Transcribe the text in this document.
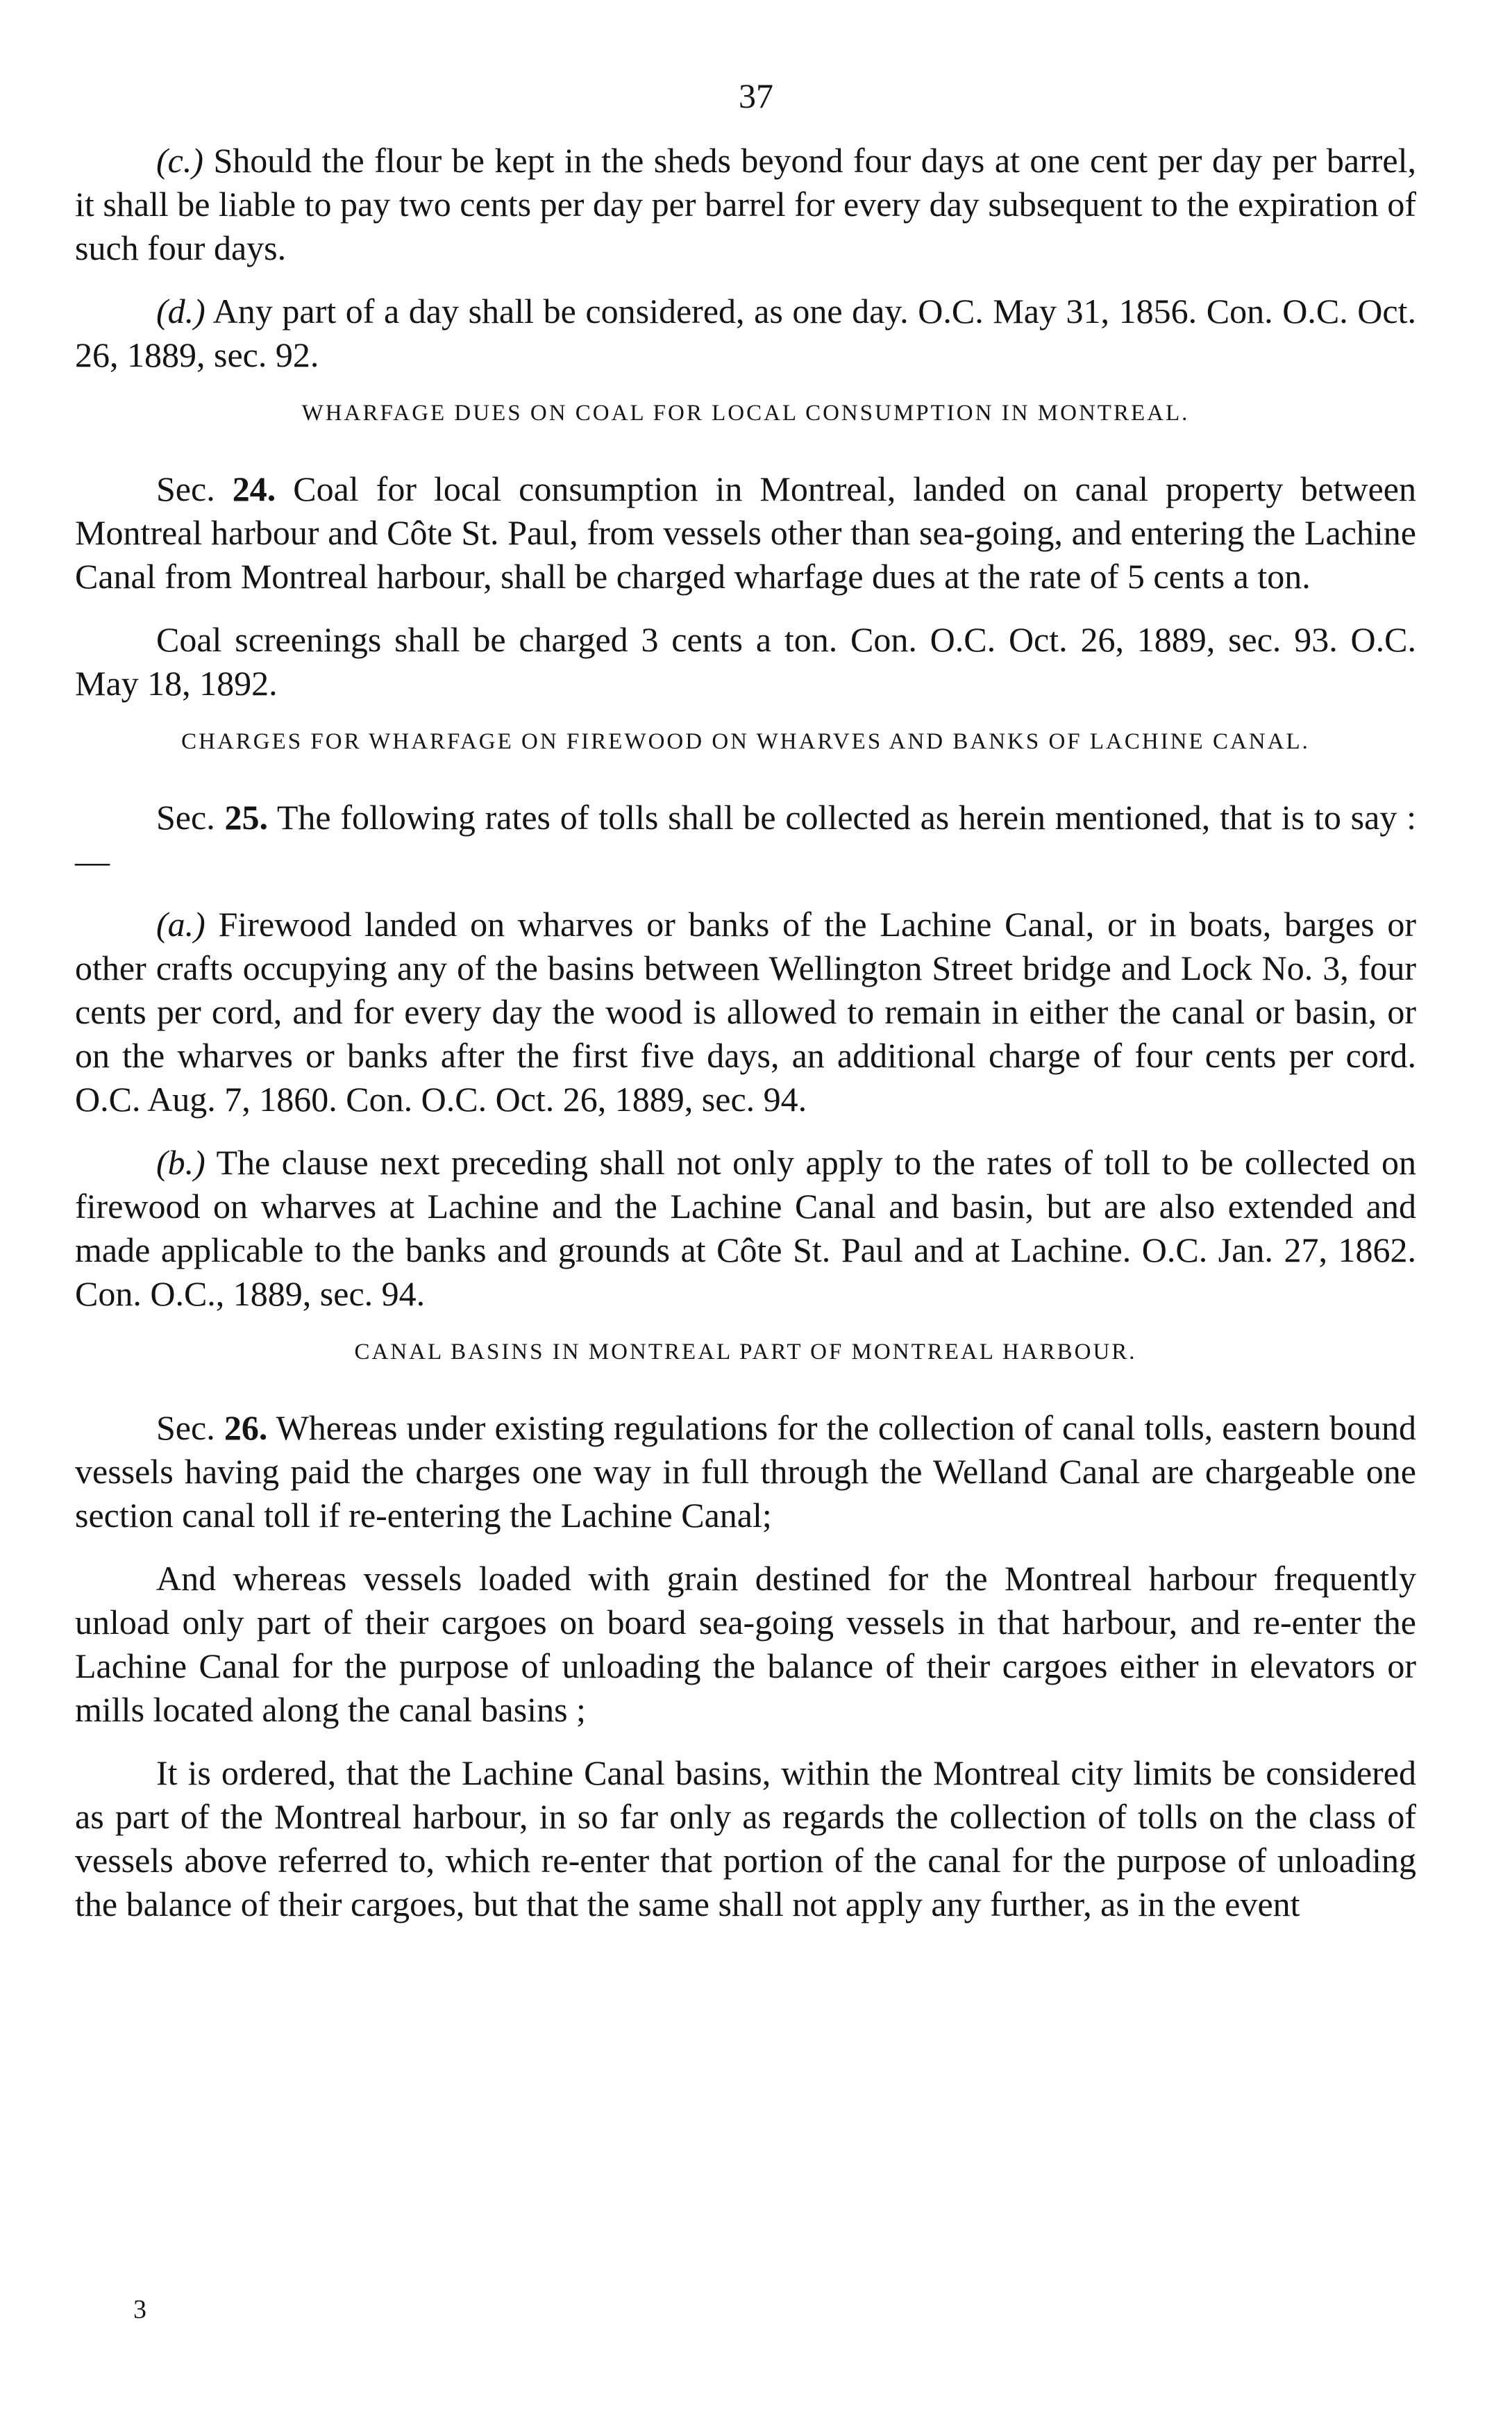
37

(c.) Should the flour be kept in the sheds beyond four days at one cent per day per barrel, it shall be liable to pay two cents per day per barrel for every day subsequent to the expiration of such four days.

(d.) Any part of a day shall be considered, as one day. O.C. May 31, 1856. Con. O.C. Oct. 26, 1889, sec. 92.

WHARFAGE DUES ON COAL FOR LOCAL CONSUMPTION IN MONTREAL.

Sec. 24. Coal for local consumption in Montreal, landed on canal property between Montreal harbour and Côte St. Paul, from vessels other than sea-going, and entering the Lachine Canal from Montreal harbour, shall be charged wharfage dues at the rate of 5 cents a ton.

Coal screenings shall be charged 3 cents a ton. Con. O.C. Oct. 26, 1889, sec. 93. O.C. May 18, 1892.

CHARGES FOR WHARFAGE ON FIREWOOD ON WHARVES AND BANKS OF LACHINE CANAL.

Sec. 25. The following rates of tolls shall be collected as herein mentioned, that is to say :—

(a.) Firewood landed on wharves or banks of the Lachine Canal, or in boats, barges or other crafts occupying any of the basins between Wellington Street bridge and Lock No. 3, four cents per cord, and for every day the wood is allowed to remain in either the canal or basin, or on the wharves or banks after the first five days, an additional charge of four cents per cord. O.C. Aug. 7, 1860. Con. O.C. Oct. 26, 1889, sec. 94.

(b.) The clause next preceding shall not only apply to the rates of toll to be collected on firewood on wharves at Lachine and the Lachine Canal and basin, but are also extended and made applicable to the banks and grounds at Côte St. Paul and at Lachine. O.C. Jan. 27, 1862. Con. O.C., 1889, sec. 94.

CANAL BASINS IN MONTREAL PART OF MONTREAL HARBOUR.

Sec. 26. Whereas under existing regulations for the collection of canal tolls, eastern bound vessels having paid the charges one way in full through the Welland Canal are chargeable one section canal toll if re-entering the Lachine Canal;

And whereas vessels loaded with grain destined for the Montreal harbour frequently unload only part of their cargoes on board sea-going vessels in that harbour, and re-enter the Lachine Canal for the purpose of unloading the balance of their cargoes either in elevators or mills located along the canal basins ;

It is ordered, that the Lachine Canal basins, within the Montreal city limits be considered as part of the Montreal harbour, in so far only as regards the collection of tolls on the class of vessels above referred to, which re-enter that portion of the canal for the purpose of unloading the balance of their cargoes, but that the same shall not apply any further, as in the event

3
